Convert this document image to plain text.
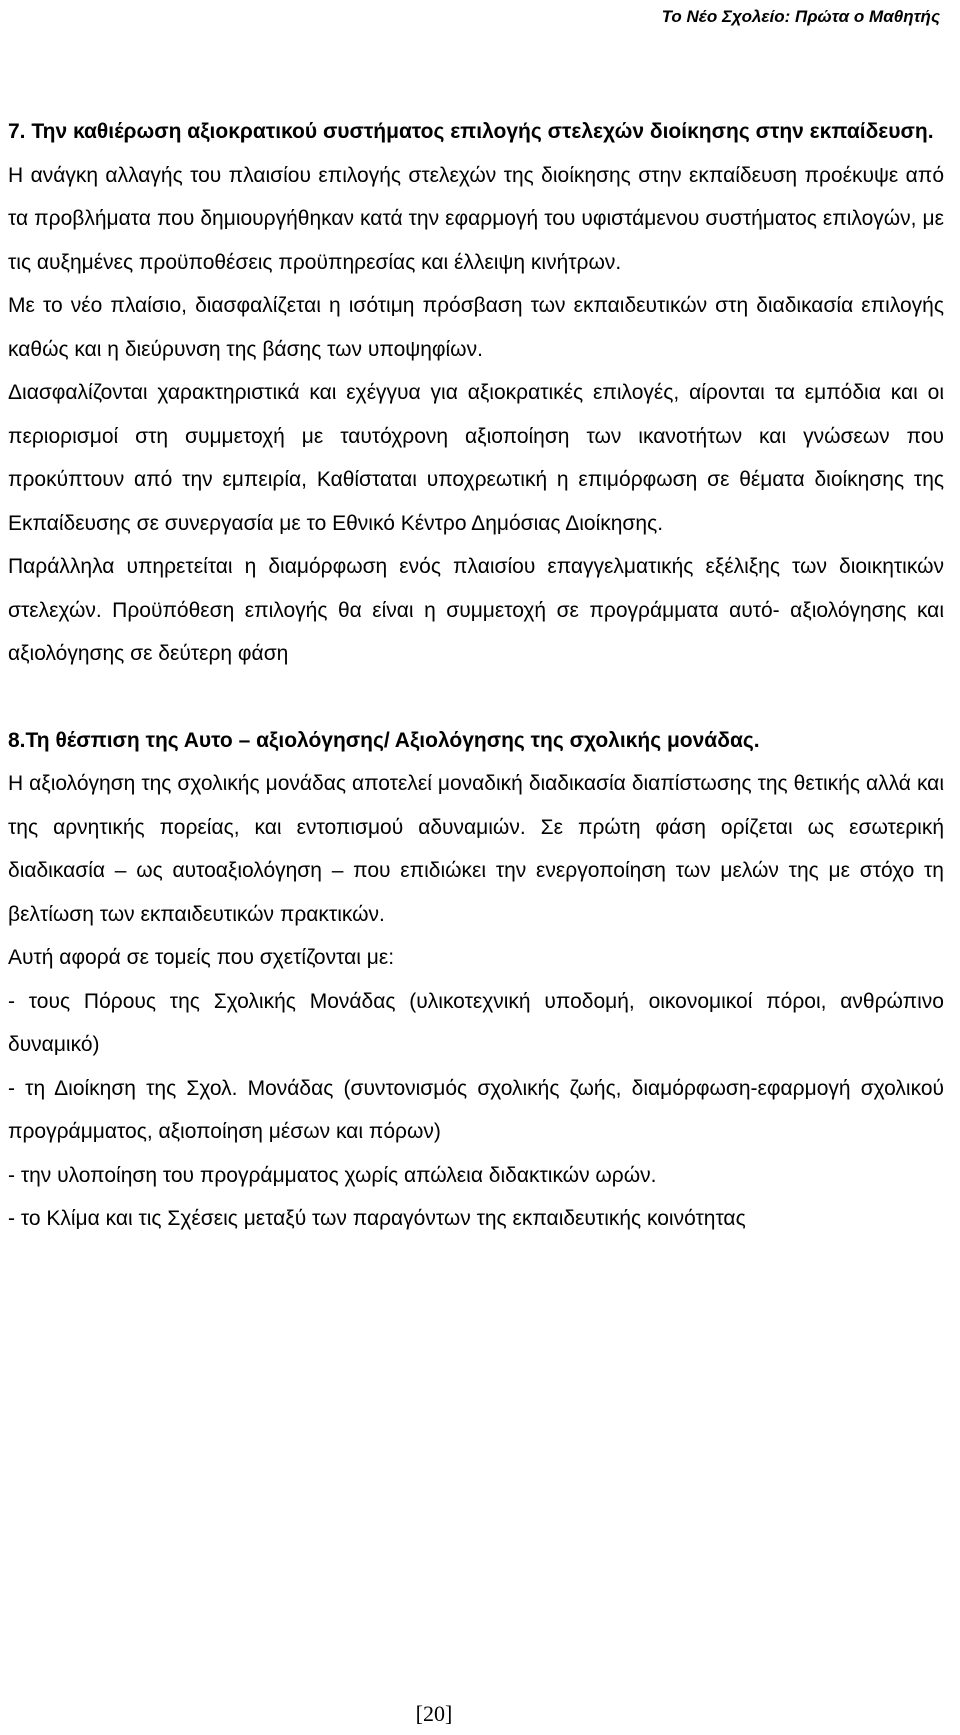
Το Νέο Σχολείο: Πρώτα ο Μαθητής

7. Την καθιέρωση αξιοκρατικού συστήματος επιλογής στελεχών διοίκησης στην εκπαίδευση.

Η ανάγκη αλλαγής του πλαισίου επιλογής στελεχών της διοίκησης στην εκπαίδευση προέκυψε από τα προβλήματα που δημιουργήθηκαν κατά την εφαρμογή του υφιστάμενου συστήματος επιλογών, με τις αυξημένες προϋποθέσεις προϋπηρεσίας και έλλειψη κινήτρων.

Με το νέο πλαίσιο, διασφαλίζεται η ισότιμη πρόσβαση των εκπαιδευτικών στη διαδικασία επιλογής καθώς και η διεύρυνση της βάσης των υποψηφίων.

Διασφαλίζονται χαρακτηριστικά και εχέγγυα για αξιοκρατικές επιλογές, αίρονται τα εμπόδια και οι περιορισμοί στη συμμετοχή με ταυτόχρονη αξιοποίηση των ικανοτήτων και γνώσεων που προκύπτουν από την εμπειρία, Καθίσταται υποχρεωτική η επιμόρφωση σε θέματα διοίκησης της Εκπαίδευσης σε συνεργασία με το Εθνικό Κέντρο Δημόσιας Διοίκησης.

Παράλληλα υπηρετείται η διαμόρφωση ενός πλαισίου επαγγελματικής εξέλιξης των διοικητικών στελεχών. Προϋπόθεση επιλογής θα είναι η συμμετοχή σε προγράμματα αυτό- αξιολόγησης και αξιολόγησης σε δεύτερη φάση

8.Τη θέσπιση της Αυτο – αξιολόγησης/ Αξιολόγησης της σχολικής μονάδας.

Η αξιολόγηση της σχολικής μονάδας αποτελεί μοναδική διαδικασία διαπίστωσης της θετικής αλλά και της αρνητικής πορείας, και εντοπισμού αδυναμιών. Σε πρώτη φάση ορίζεται ως εσωτερική διαδικασία – ως αυτοαξιολόγηση – που επιδιώκει την ενεργοποίηση των μελών της με στόχο τη βελτίωση των εκπαιδευτικών πρακτικών.

Αυτή αφορά σε τομείς που σχετίζονται με:

- τους Πόρους της Σχολικής Μονάδας (υλικοτεχνική υποδομή, οικονομικοί πόροι, ανθρώπινο δυναμικό)

- τη Διοίκηση της Σχολ. Μονάδας (συντονισμός σχολικής ζωής, διαμόρφωση-εφαρμογή σχολικού προγράμματος, αξιοποίηση μέσων και πόρων)

- την υλοποίηση του προγράμματος χωρίς απώλεια διδακτικών ωρών.

- το Κλίμα και τις Σχέσεις μεταξύ των παραγόντων της εκπαιδευτικής κοινότητας

[20]
